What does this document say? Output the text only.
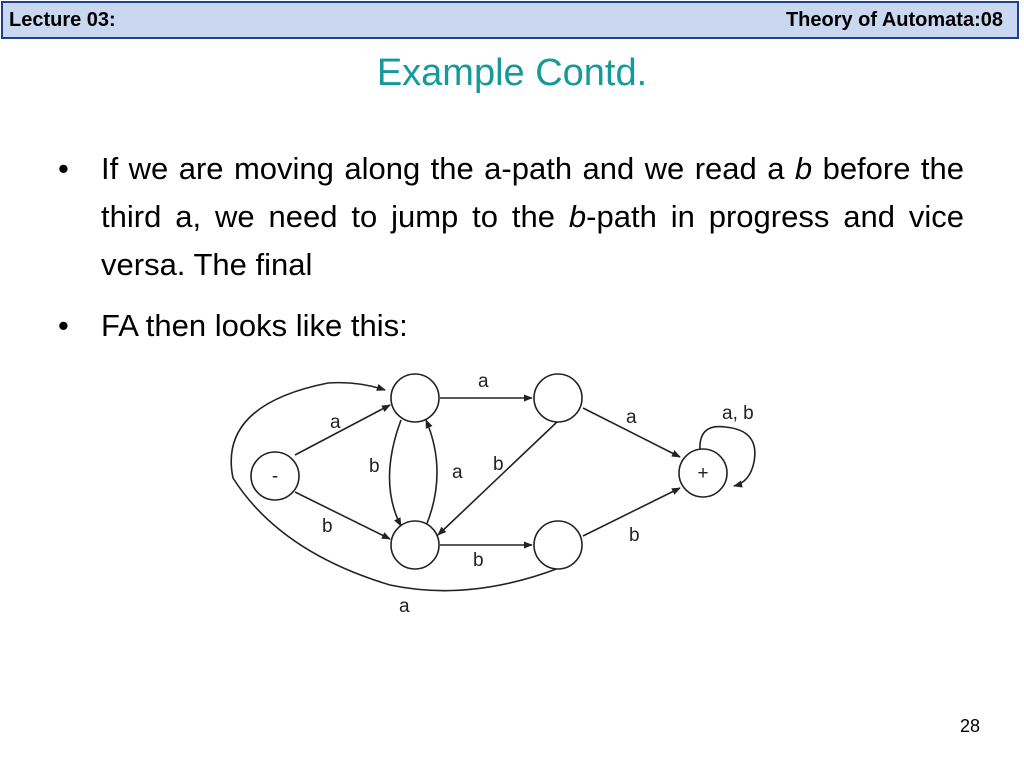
Lecture 03:	Theory of Automata:08
Example Contd.
• If we are moving along the a-path and we read a b before the third a, we need to jump to the b-path in progress and vice versa. The final
• FA then looks like this:
-	+
a
b
a
b	a
b
a
b
b
a
a, b
28
